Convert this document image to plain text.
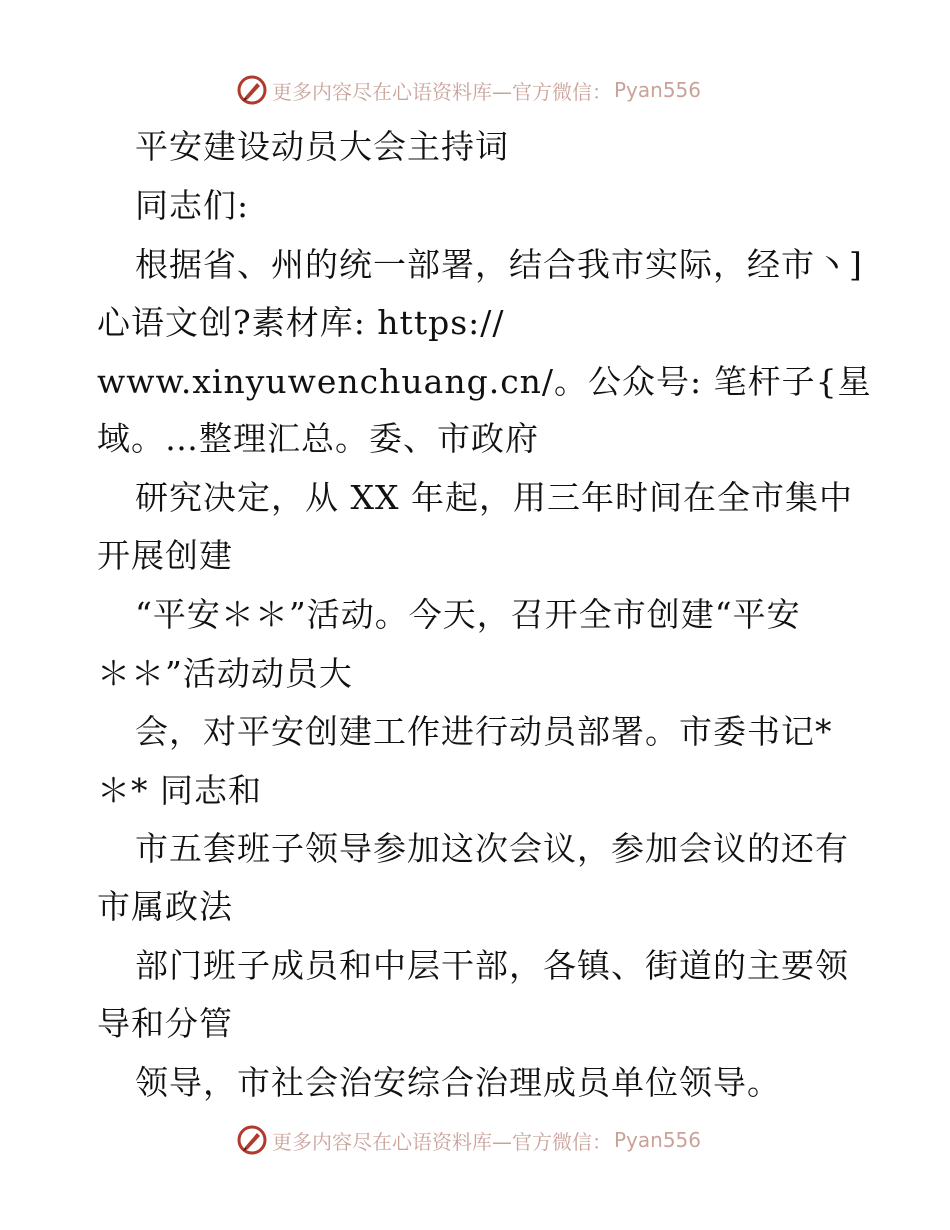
更多内容尽在心语资料库—官方微信： Pyan556
平安建设动员大会主持词
同志们:
根据省、州的统一部署，结合我市实际，经市丶]
心语文创?素材库: https://
www.xinyuwenchuang.cn/。公众号: 笔杆子{星
域。…整理汇总。委、市政府
研究决定，从 XX 年起，用三年时间在全市集中
开展创建
“平安＊＊”活动。今天，召开全市创建“平安
＊＊”活动动员大
会，对平安创建工作进行动员部署。市委书记*
＊* 同志和
市五套班子领导参加这次会议，参加会议的还有
市属政法
部门班子成员和中层干部，各镇、街道的主要领
导和分管
领导，市社会治安综合治理成员单位领导。
更多内容尽在心语资料库—官方微信： Pyan556
